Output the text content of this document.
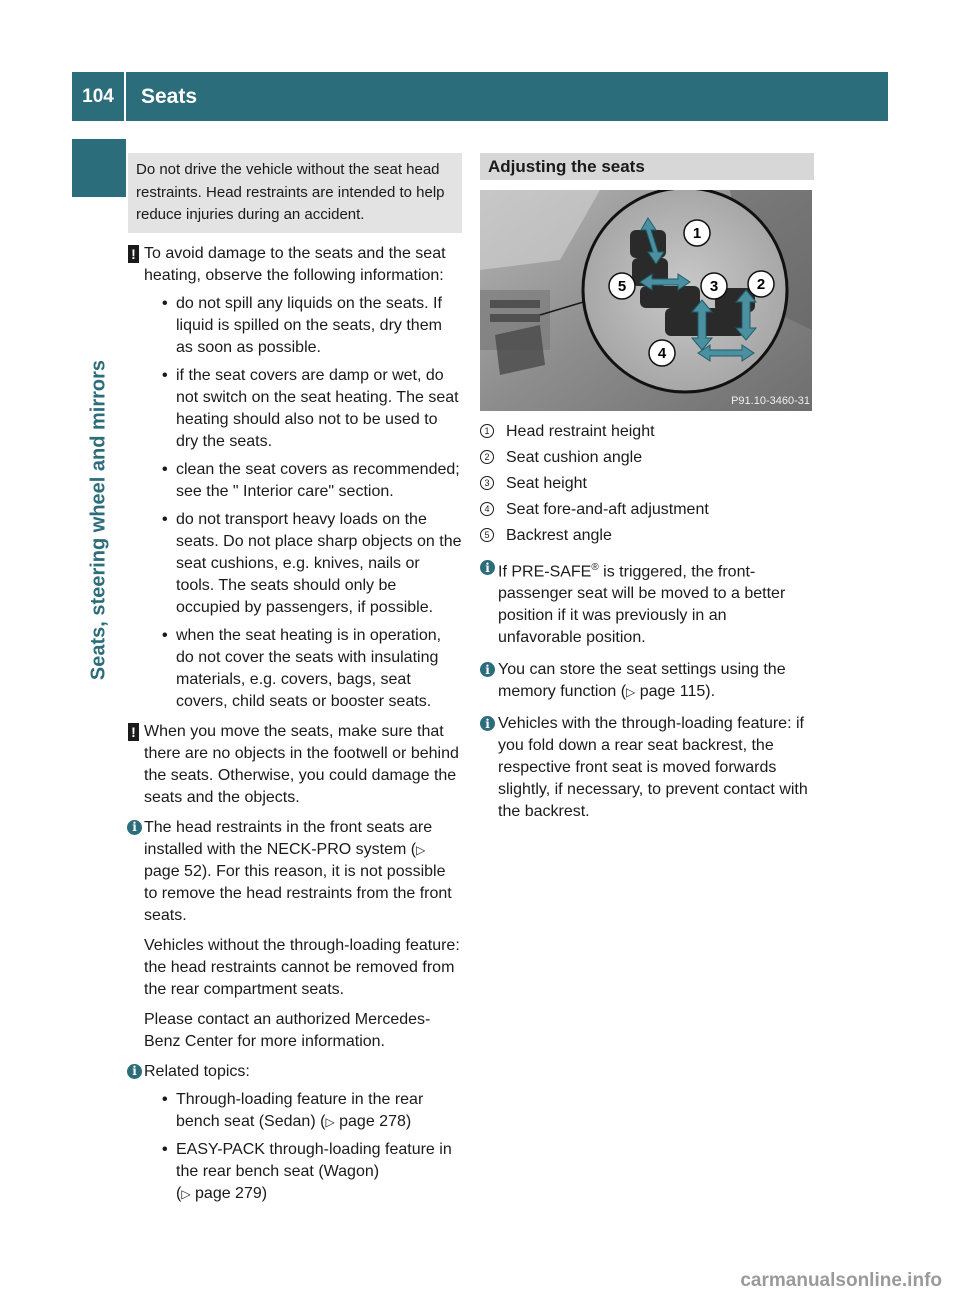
104	Seats
Seats, steering wheel and mirrors
Do not drive the vehicle without the seat head restraints. Head restraints are intended to help reduce injuries during an accident.
! To avoid damage to the seats and the seat heating, observe the following information:
• do not spill any liquids on the seats. If liquid is spilled on the seats, dry them as soon as possible.
• if the seat covers are damp or wet, do not switch on the seat heating. The seat heating should also not to be used to dry the seats.
• clean the seat covers as recommended; see the " Interior care" section.
• do not transport heavy loads on the seats. Do not place sharp objects on the seat cushions, e.g. knives, nails or tools. The seats should only be occupied by passengers, if possible.
• when the seat heating is in operation, do not cover the seats with insulating materials, e.g. covers, bags, seat covers, child seats or booster seats.
! When you move the seats, make sure that there are no objects in the footwell or behind the seats. Otherwise, you could damage the seats and the objects.
i The head restraints in the front seats are installed with the NECK-PRO system (▷ page 52). For this reason, it is not possible to remove the head restraints from the front seats.
Vehicles without the through-loading feature: the head restraints cannot be removed from the rear compartment seats.
Please contact an authorized Mercedes-Benz Center for more information.
i Related topics:
• Through-loading feature in the rear bench seat (Sedan) (▷ page 278)
• EASY-PACK through-loading feature in the rear bench seat (Wagon)
(▷ page 279)
Adjusting the seats
1
2
3
4
5
P91.10-3460-31
1 Head restraint height
2 Seat cushion angle
3 Seat height
4 Seat fore-and-aft adjustment
5 Backrest angle
i If PRE-SAFE® is triggered, the front-passenger seat will be moved to a better position if it was previously in an unfavorable position.
i You can store the seat settings using the memory function (▷ page 115).
i Vehicles with the through-loading feature: if you fold down a rear seat backrest, the respective front seat is moved forwards slightly, if necessary, to prevent contact with the backrest.
carmanualsonline.info
